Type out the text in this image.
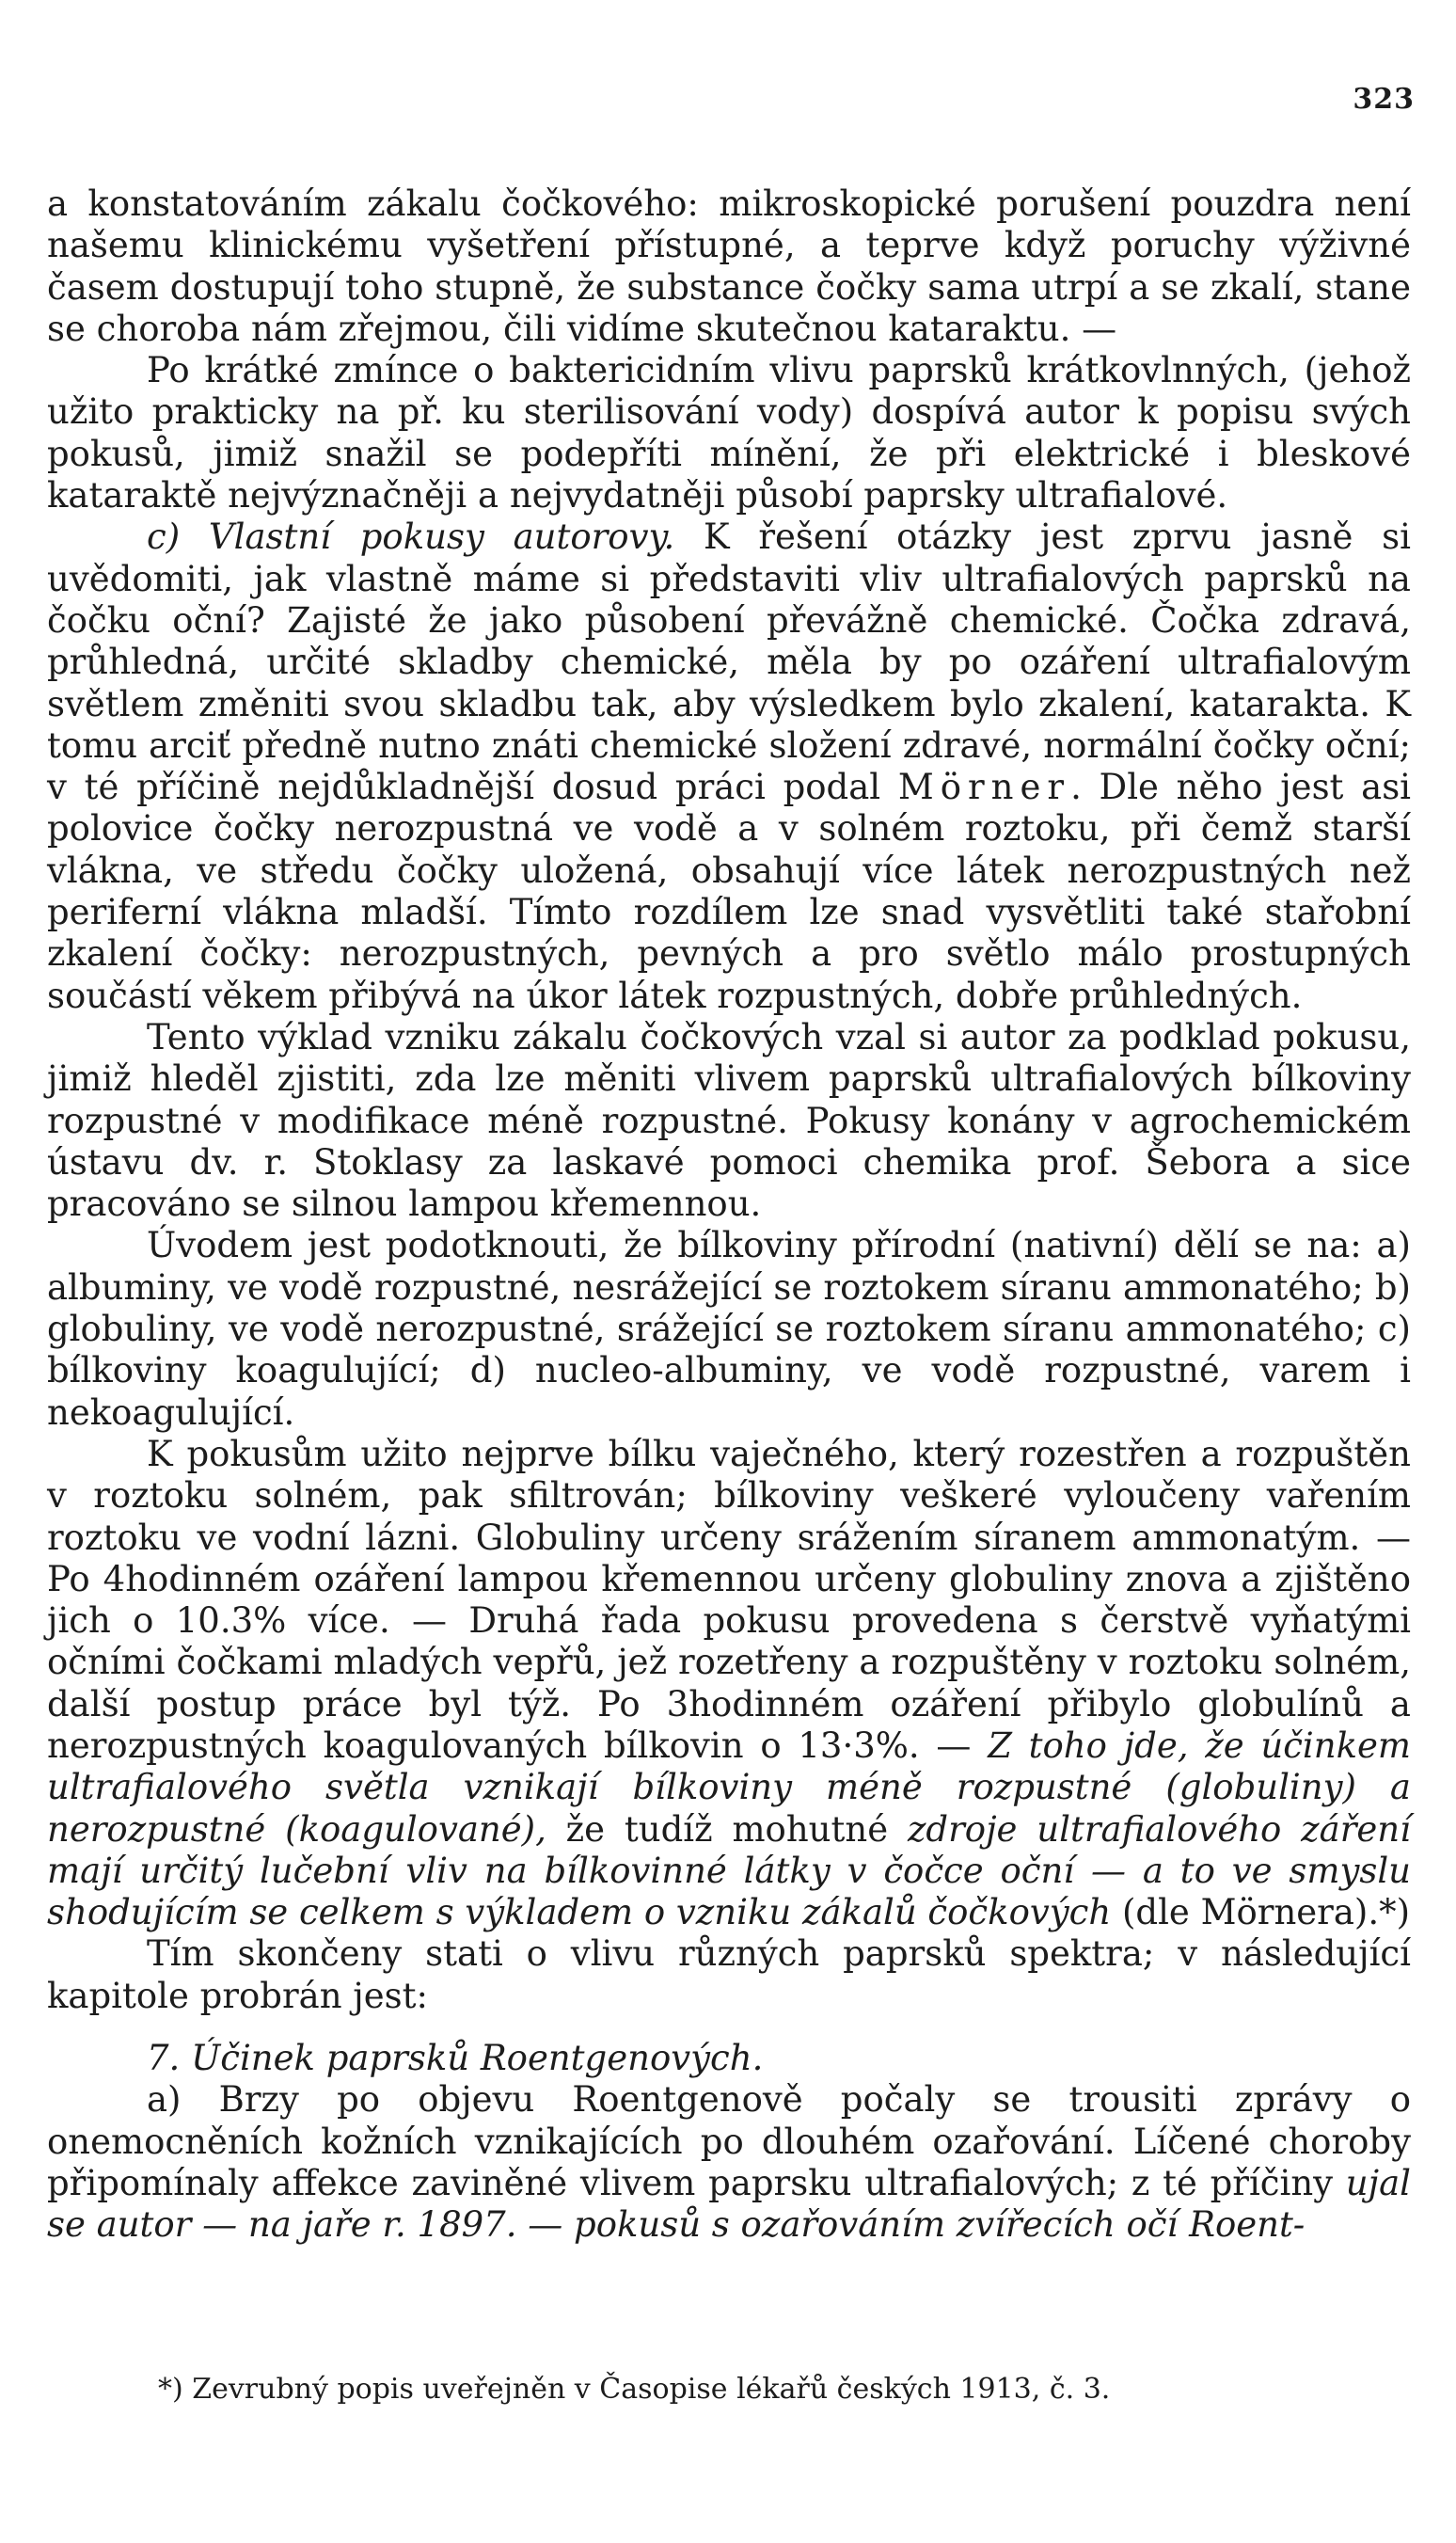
323

a konstatováním zákalu čočkového: mikroskopické porušení pouzdra není našemu klinickému vyšetření přístupné, a teprve když poruchy výživné časem dostupují toho stupně, že substance čočky sama utrpí a se zkalí, stane se choroba nám zřejmou, čili vidíme skutečnou kataraktu. —

Po krátké zmínce o baktericidním vlivu paprsků krátkovlnných, (jehož užito prakticky na př. ku sterilisování vody) dospívá autor k popisu svých pokusů, jimiž snažil se podepříti mínění, že při elektrické i bleskové kataraktě nejvýznačněji a nejvydatněji působí paprsky ultrafialové.

c) Vlastní pokusy autorovy. K řešení otázky jest zprvu jasně si uvědomiti, jak vlastně máme si představiti vliv ultrafialových paprsků na čočku oční? Zajisté že jako působení převážně chemické. Čočka zdravá, průhledná, určité skladby chemické, měla by po ozáření ultrafialovým světlem změniti svou skladbu tak, aby výsledkem bylo zkalení, katarakta. K tomu arciť předně nutno znáti chemické složení zdravé, normální čočky oční; v té příčině nejdůkladnější dosud práci podal Mörner. Dle něho jest asi polovice čočky nerozpustná ve vodě a v solném roztoku, při čemž starší vlákna, ve středu čočky uložená, obsahují více látek nerozpustných než periferní vlákna mladší. Tímto rozdílem lze snad vysvětliti také stařobní zkalení čočky: nerozpustných, pevných a pro světlo málo prostupných součástí věkem přibývá na úkor látek rozpustných, dobře průhledných.

Tento výklad vzniku zákalu čočkových vzal si autor za podklad pokusu, jimiž hleděl zjistiti, zda lze měniti vlivem paprsků ultrafialových bílkoviny rozpustné v modifikace méně rozpustné. Pokusy konány v agrochemickém ústavu dv. r. Stoklasy za laskavé pomoci chemika prof. Šebora a sice pracováno se silnou lampou křemennou.

Úvodem jest podotknouti, že bílkoviny přírodní (nativní) dělí se na: a) albuminy, ve vodě rozpustné, nesrážející se roztokem síranu ammonatého; b) globuliny, ve vodě nerozpustné, srážející se roztokem síranu ammonatého; c) bílkoviny koagulující; d) nucleo-albuminy, ve vodě rozpustné, varem i nekoagulující.

K pokusům užito nejprve bílku vaječného, který rozestřen a rozpuštěn v roztoku solném, pak sfiltrován; bílkoviny veškeré vyloučeny vařením roztoku ve vodní lázni. Globuliny určeny srážením síranem ammonatým. — Po 4hodinném ozáření lampou křemennou určeny globuliny znova a zjištěno jich o 10.3% více. — Druhá řada pokusu provedena s čerstvě vyňatými očními čočkami mladých vepřů, jež rozetřeny a rozpuštěny v roztoku solném, další postup práce byl týž. Po 3hodinném ozáření přibylo globulínů a nerozpustných koagulovaných bílkovin o 13·3%. — Z toho jde, že účinkem ultrafialového světla vznikají bílkoviny méně rozpustné (globuliny) a nerozpustné (koagulované), že tudíž mohutné zdroje ultrafialového záření mají určitý lučební vliv na bílkovinné látky v čočce oční — a to ve smyslu shodujícím se celkem s výkladem o vzniku zákalů čočkových (dle Mörnera).*)

Tím skončeny stati o vlivu různých paprsků spektra; v následující kapitole probrán jest:

7. Účinek paprsků Roentgenových.

a) Brzy po objevu Roentgenově počaly se trousiti zprávy o onemocněních kožních vznikajících po dlouhém ozařování. Líčené choroby připomínaly affekce zaviněné vlivem paprsku ultrafialových; z té příčiny ujal se autor — na jaře r. 1897. — pokusů s ozařováním zvířecích očí Roent-

*) Zevrubný popis uveřejněn v Časopise lékařů českých 1913, č. 3.
